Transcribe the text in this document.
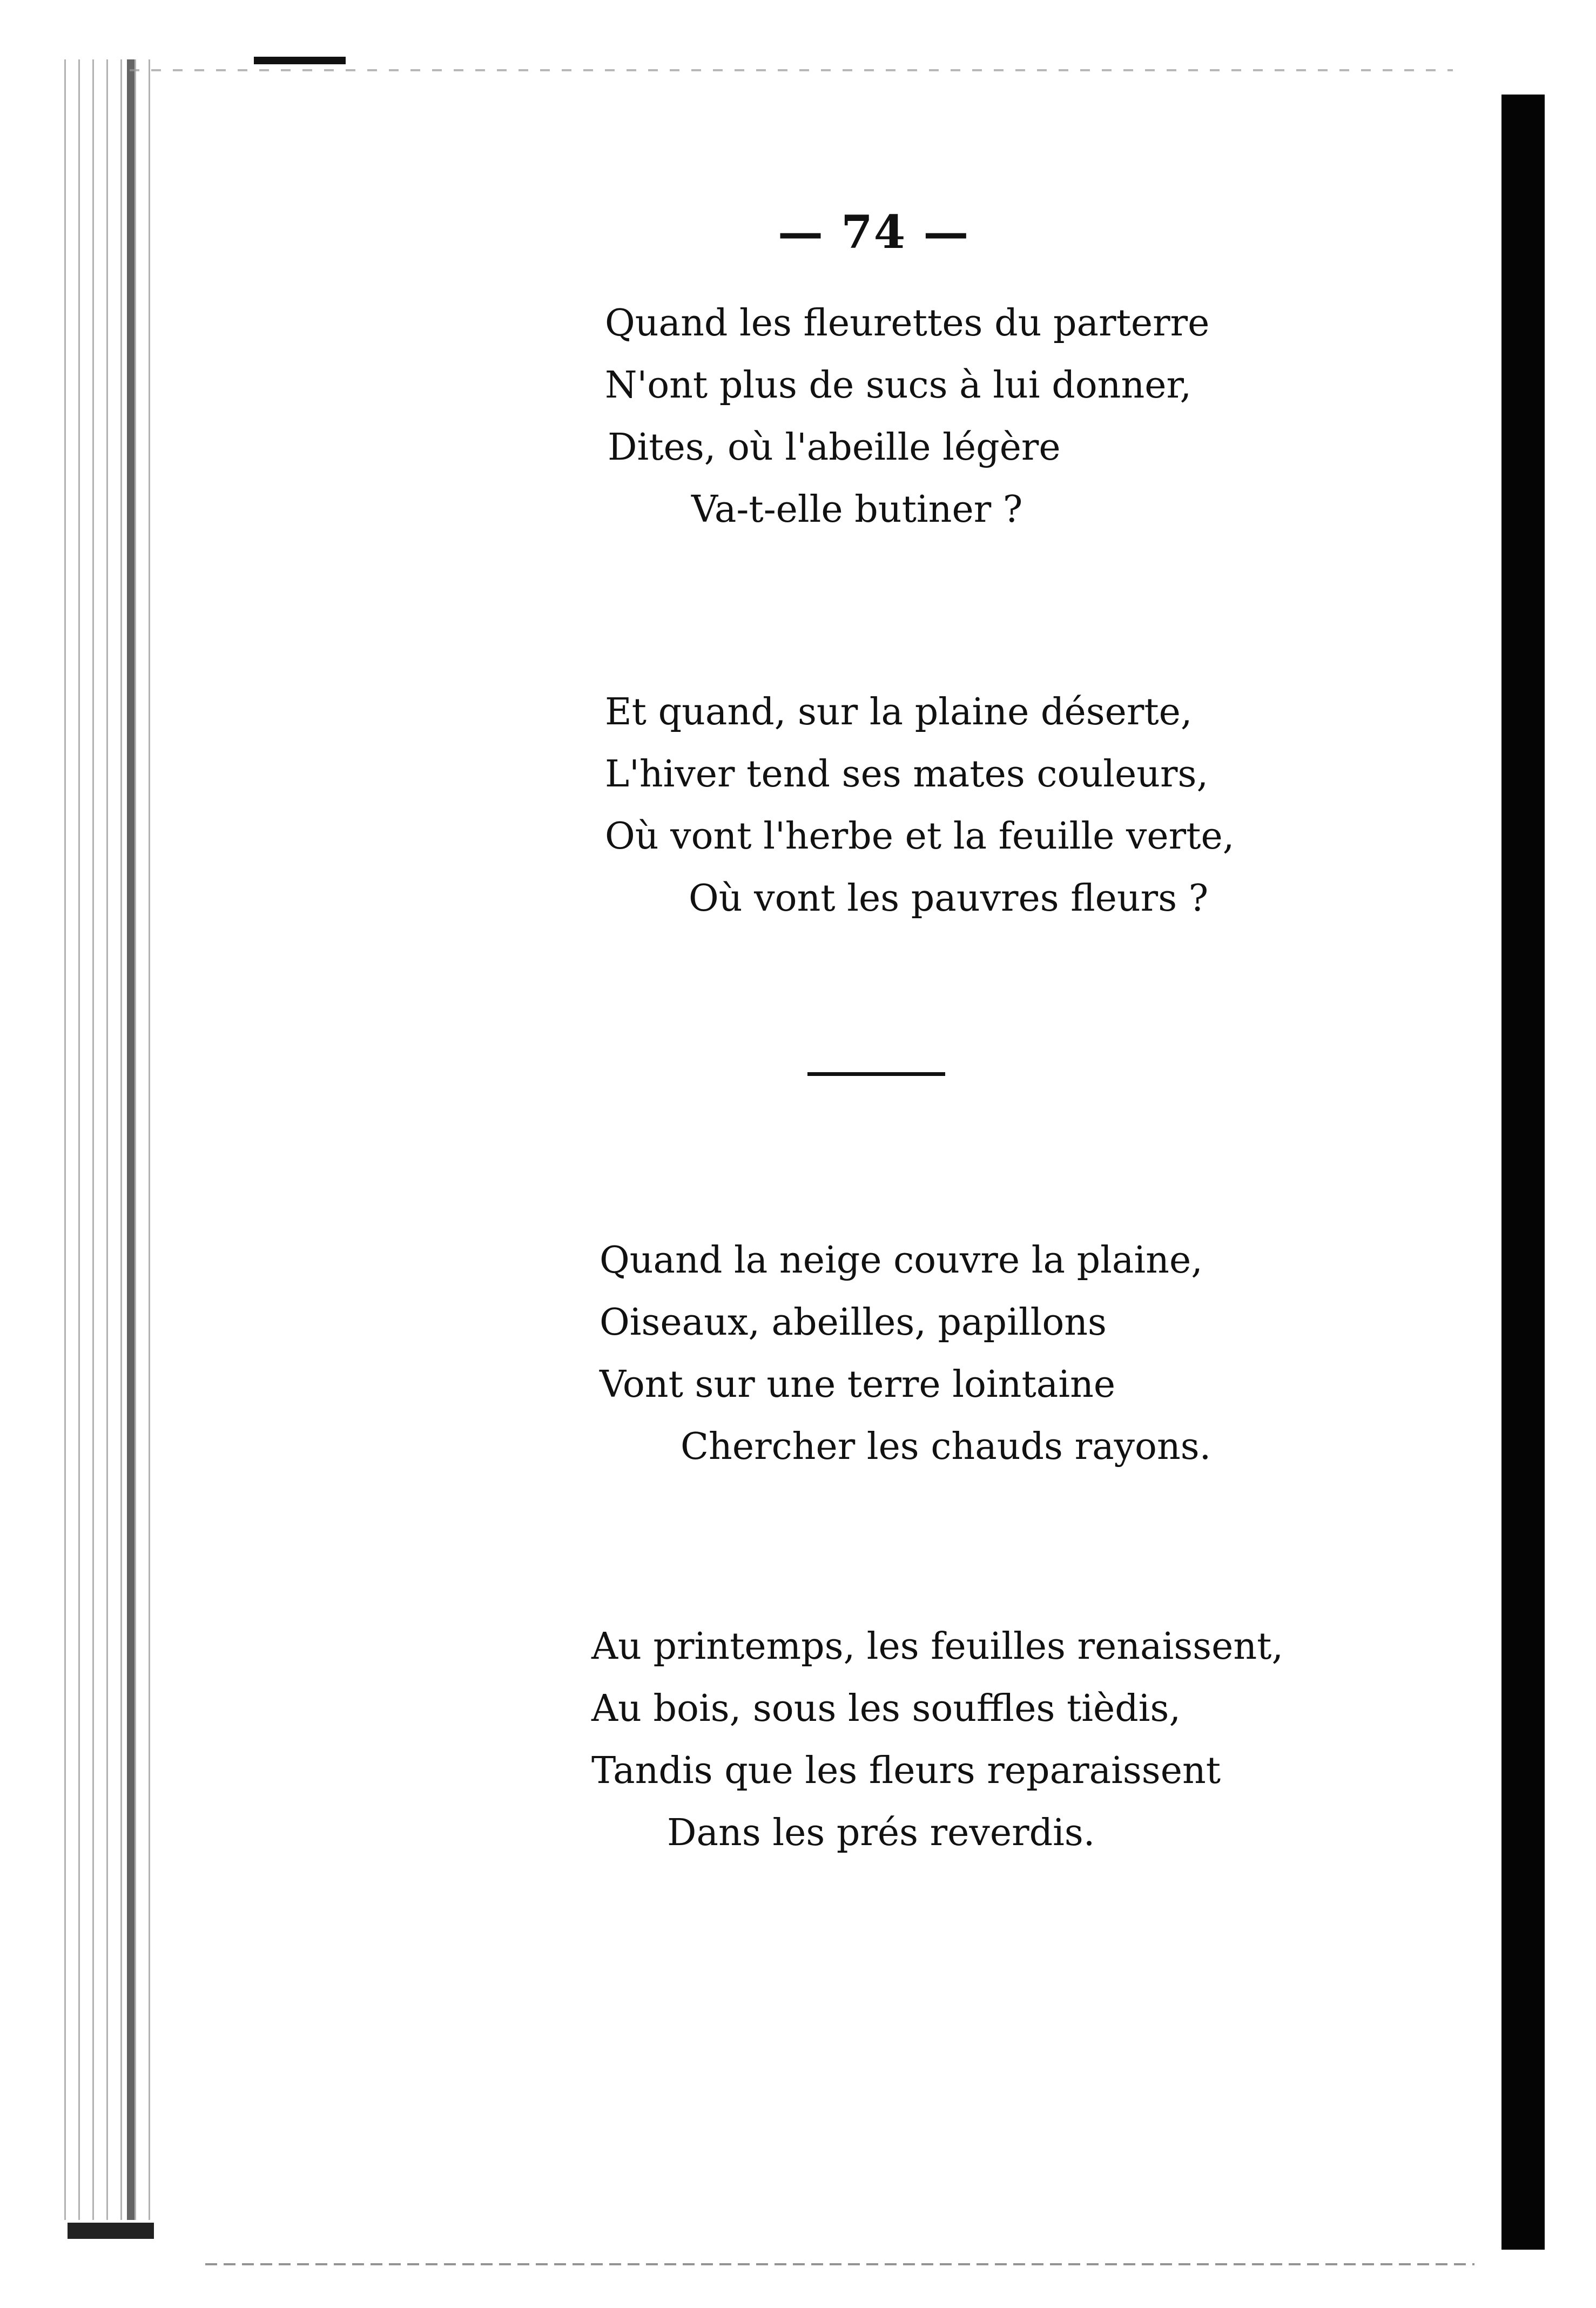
— 74 —
Quand les fleurettes du parterre
N'ont plus de sucs à lui donner,
Dites, où l'abeille légère
Va-t-elle butiner ?
Et quand, sur la plaine déserte,
L'hiver tend ses mates couleurs,
Où vont l'herbe et la feuille verte,
Où vont les pauvres fleurs ?
Quand la neige couvre la plaine,
Oiseaux, abeilles, papillons
Vont sur une terre lointaine
Chercher les chauds rayons.
Au printemps, les feuilles renaissent,
Au bois, sous les souffles tièdis,
Tandis que les fleurs reparaissent
Dans les prés reverdis.
